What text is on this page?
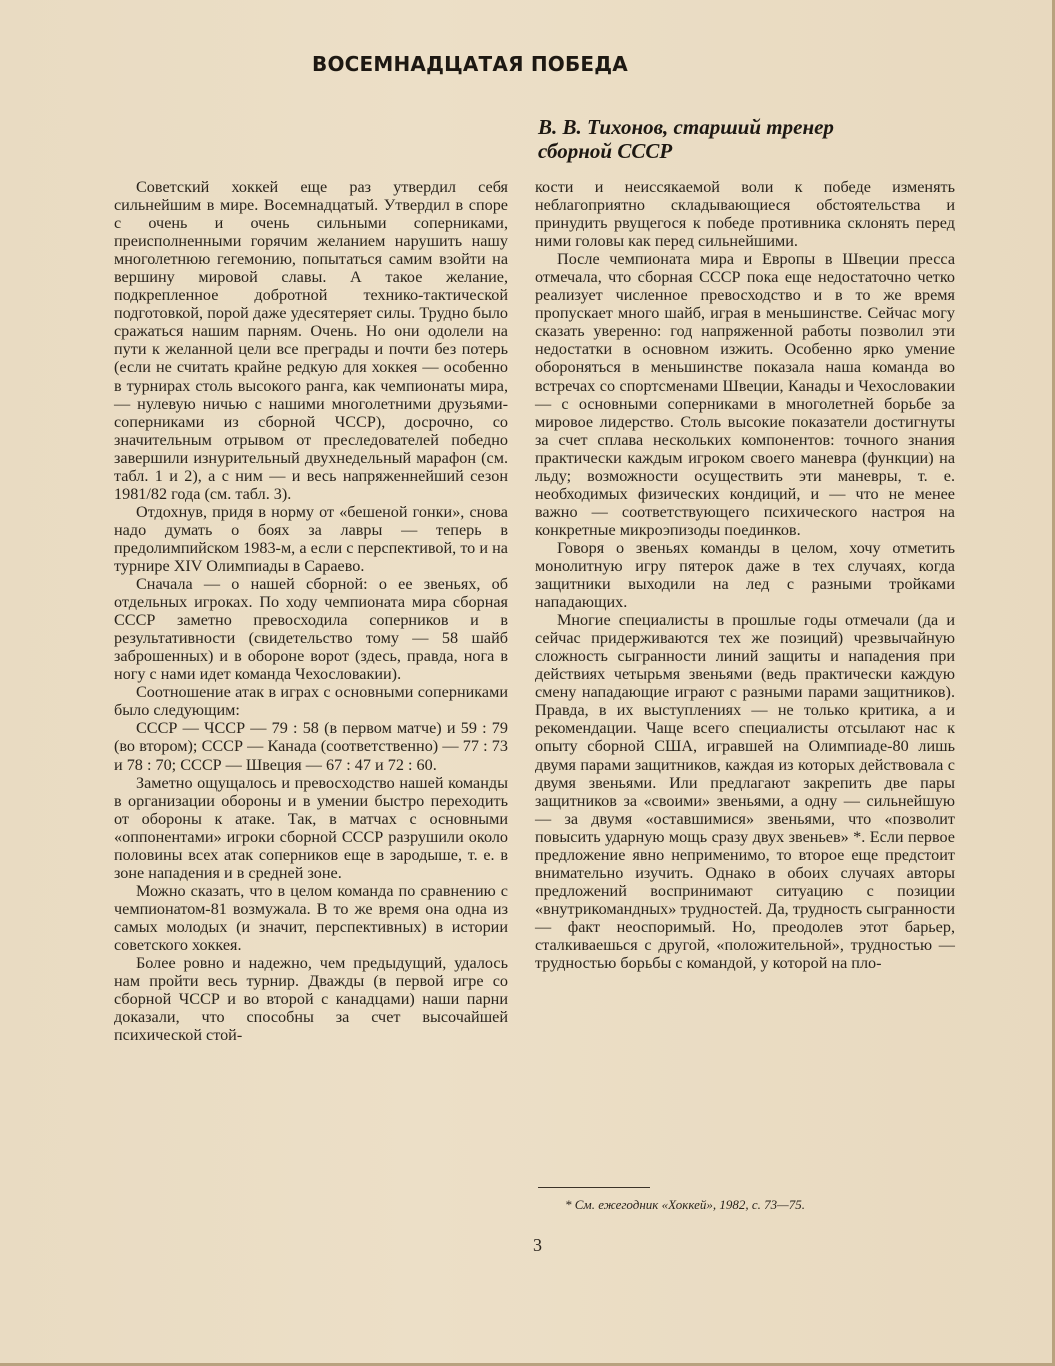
ВОСЕМНАДЦАТАЯ ПОБЕДА
В. В. Тихонов, старший тренер
сборной СССР

Советский хоккей еще раз утвердил себя сильнейшим в мире. Восемнадцатый. Утвердил в споре с очень и очень сильными соперниками, преисполненными горячим желанием нарушить нашу многолетнюю гегемонию, попытаться самим взойти на вершину мировой славы. А такое желание, подкрепленное добротной технико-тактической подготовкой, порой даже удесятеряет силы. Трудно было сражаться нашим парням. Очень. Но они одолели на пути к желанной цели все преграды и почти без потерь (если не считать крайне редкую для хоккея — особенно в турнирах столь высокого ранга, как чемпионаты мира, — нулевую ничью с нашими многолетними друзьями-соперниками из сборной ЧССР), досрочно, со значительным отрывом от преследователей победно завершили изнурительный двухнедельный марафон (см. табл. 1 и 2), а с ним — и весь напряженнейший сезон 1981/82 года (см. табл. 3).

Отдохнув, придя в норму от «бешеной гонки», снова надо думать о боях за лавры — теперь в предолимпийском 1983-м, а если с перспективой, то и на турнире XIV Олимпиады в Сараево.

Сначала — о нашей сборной: о ее звеньях, об отдельных игроках. По ходу чемпионата мира сборная СССР заметно превосходила соперников и в результативности (свидетельство тому — 58 шайб заброшенных) и в обороне ворот (здесь, правда, нога в ногу с нами идет команда Чехословакии).

Соотношение атак в играх с основными соперниками было следующим:

СССР — ЧССР — 79 : 58 (в первом матче) и 59 : 79 (во втором); СССР — Канада (соответственно) — 77 : 73 и 78 : 70; СССР — Швеция — 67 : 47 и 72 : 60.

Заметно ощущалось и превосходство нашей команды в организации обороны и в умении быстро переходить от обороны к атаке. Так, в матчах с основными «оппонентами» игроки сборной СССР разрушили около половины всех атак соперников еще в зародыше, т. е. в зоне нападения и в средней зоне.

Можно сказать, что в целом команда по сравнению с чемпионатом-81 возмужала. В то же время она одна из самых молодых (и значит, перспективных) в истории советского хоккея.

Более ровно и надежно, чем предыдущий, удалось нам пройти весь турнир. Дважды (в первой игре со сборной ЧССР и во второй с канадцами) наши парни доказали, что способны за счет высочайшей психической стой-

кости и неиссякаемой воли к победе изменять неблагоприятно складывающиеся обстоятельства и принудить рвущегося к победе противника склонять перед ними головы как перед сильнейшими.

После чемпионата мира и Европы в Швеции пресса отмечала, что сборная СССР пока еще недостаточно четко реализует численное превосходство и в то же время пропускает много шайб, играя в меньшинстве. Сейчас могу сказать уверенно: год напряженной работы позволил эти недостатки в основном изжить. Особенно ярко умение обороняться в меньшинстве показала наша команда во встречах со спортсменами Швеции, Канады и Чехословакии — с основными соперниками в многолетней борьбе за мировое лидерство. Столь высокие показатели достигнуты за счет сплава нескольких компонентов: точного знания практически каждым игроком своего маневра (функции) на льду; возможности осуществить эти маневры, т. е. необходимых физических кондиций, и — что не менее важно — соответствующего психического настроя на конкретные микроэпизоды поединков.

Говоря о звеньях команды в целом, хочу отметить монолитную игру пятерок даже в тех случаях, когда защитники выходили на лед с разными тройками нападающих.

Многие специалисты в прошлые годы отмечали (да и сейчас придерживаются тех же позиций) чрезвычайную сложность сыгранности линий защиты и нападения при действиях четырьмя звеньями (ведь практически каждую смену нападающие играют с разными парами защитников). Правда, в их выступлениях — не только критика, а и рекомендации. Чаще всего специалисты отсылают нас к опыту сборной США, игравшей на Олимпиаде-80 лишь двумя парами защитников, каждая из которых действовала с двумя звеньями. Или предлагают закрепить две пары защитников за «своими» звеньями, а одну — сильнейшую — за двумя «оставшимися» звеньями, что «позволит повысить ударную мощь сразу двух звеньев» *. Если первое предложение явно неприменимо, то второе еще предстоит внимательно изучить. Однако в обоих случаях авторы предложений воспринимают ситуацию с позиции «внутрикомандных» трудностей. Да, трудность сыгранности — факт неоспоримый. Но, преодолев этот барьер, сталкиваешься с другой, «положительной», трудностью — трудностью борьбы с командой, у которой на пло-

* См. ежегодник «Хоккей», 1982, с. 73—75.
3
